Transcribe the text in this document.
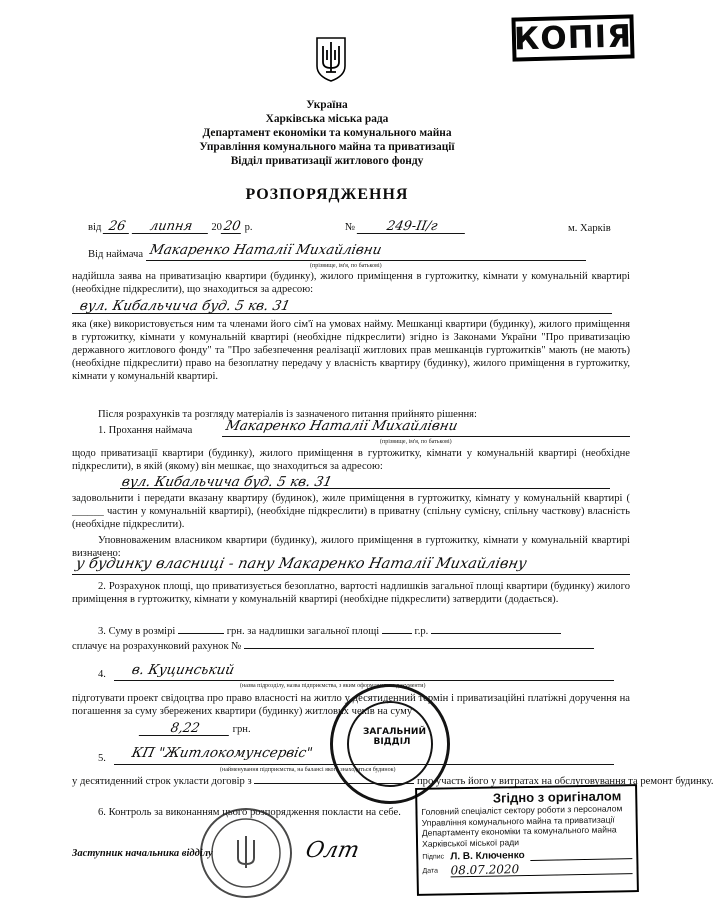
КОПІЯ
Україна
Харківська міська рада
Департамент економіки та комунального майна
Управління комунального майна та приватизації
Відділ приватизації житлового фонду
РОЗПОРЯДЖЕННЯ
від 26 липня 2020 р.	№ 249-ІІ/г	м. Харків
Від наймача Макаренко Наталії Михайлівни
(прізвище, ім'я, по батькові)
надійшла заява на приватизацію квартири (будинку), жилого приміщення в гуртожитку, кімнати у комунальній квартирі (необхідне підкреслити), що знаходиться за адресою:
вул. Кибальчича буд. 5 кв. 31
яка (яке) використовується ним та членами його сім'ї на умовах найму. Мешканці квартири (будинку), жилого приміщення в гуртожитку, кімнати у комунальній квартирі (необхідне підкреслити) згідно із Законами України "Про приватизацію державного житлового фонду" та "Про забезпечення реалізації житлових прав мешканців гуртожитків" мають (не мають) (необхідне підкреслити) право на безоплатну передачу у власність квартиру (будинку), жилого приміщення в гуртожитку, кімнати у комунальній квартирі.
Після розрахунків та розгляду матеріалів із зазначеного питання прийнято рішення:
1. Прохання наймача Макаренко Наталії Михайлівни
(прізвище, ім'я, по батькові)
щодо приватизації квартири (будинку), жилого приміщення в гуртожитку, кімнати у комунальній квартирі (необхідне підкреслити), в якій (якому) він мешкає, що знаходиться за адресою:
вул. Кибальчича буд. 5 кв. 31
задовольнити і передати вказану квартиру (будинок), жиле приміщення в гуртожитку, кімнату у комунальній квартирі ( ______ частин у комунальній квартирі), (необхідне підкреслити) в приватну (спільну сумісну, спільну часткову) власність (необхідне підкреслити).
Уповноваженим власником квартири (будинку), жилого приміщення в гуртожитку, кімнати у комунальній квартирі визначено:
у будинку власниці - пану Макаренко Наталії Михайлівну
2. Розрахунок площі, що приватизується безоплатно, вартості надлишків загальної площі квартири (будинку) жилого приміщення в гуртожитку, кімнати у комунальній квартирі (необхідне підкреслити) затвердити (додається).
3. Суму в розмірі	грн. за надлишки загальної площі	г.р.
сплачує на розрахунковий рахунок №
4. в. Куцинський
(назва підрозділу, назва підприємства, з яким оформляються документи)
підготувати проект свідоцтва про право власності на житло у десятиденний термін і приватизаційні платіжні доручення на погашення за суму збережених квартири (будинку) житлових чеків на суму
8,22	грн.
5. КП "Житлокомунсервіс"
(найменування підприємства, на балансі якого знаходиться будинок)
у десятиденний строк укласти договір з	про участь його у витратах на обслуговування та ремонт будинку.
6. Контроль за виконанням цього розпорядження покласти на себе.
ЗАГАЛЬНИЙ
ВІДДІЛ
Згідно з оригіналом
Головний спеціаліст сектору роботи з персоналом Управління комунального майна та приватизації Департаменту економіки та комунального майна Харківської міської ради
Підпис Л. В. Ключенко
Дата	08.07.2020
Заступник начальника відділу	Олт
